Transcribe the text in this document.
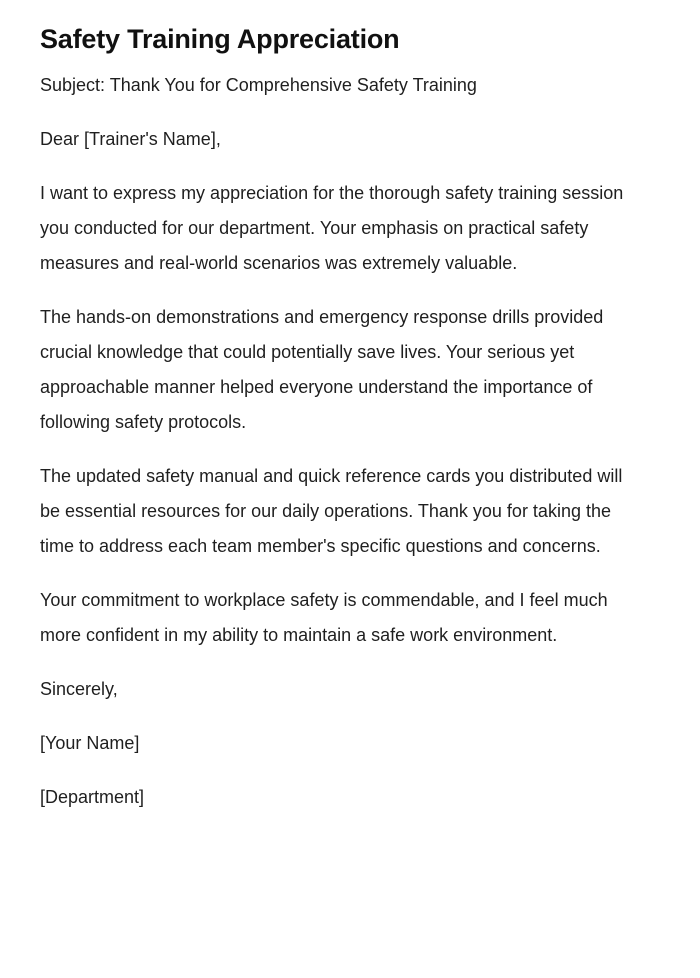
Safety Training Appreciation

Subject: Thank You for Comprehensive Safety Training

Dear [Trainer's Name],

I want to express my appreciation for the thorough safety training session you conducted for our department. Your emphasis on practical safety measures and real-world scenarios was extremely valuable.

The hands-on demonstrations and emergency response drills provided crucial knowledge that could potentially save lives. Your serious yet approachable manner helped everyone understand the importance of following safety protocols.

The updated safety manual and quick reference cards you distributed will be essential resources for our daily operations. Thank you for taking the time to address each team member's specific questions and concerns.

Your commitment to workplace safety is commendable, and I feel much more confident in my ability to maintain a safe work environment.

Sincerely,

[Your Name]

[Department]
